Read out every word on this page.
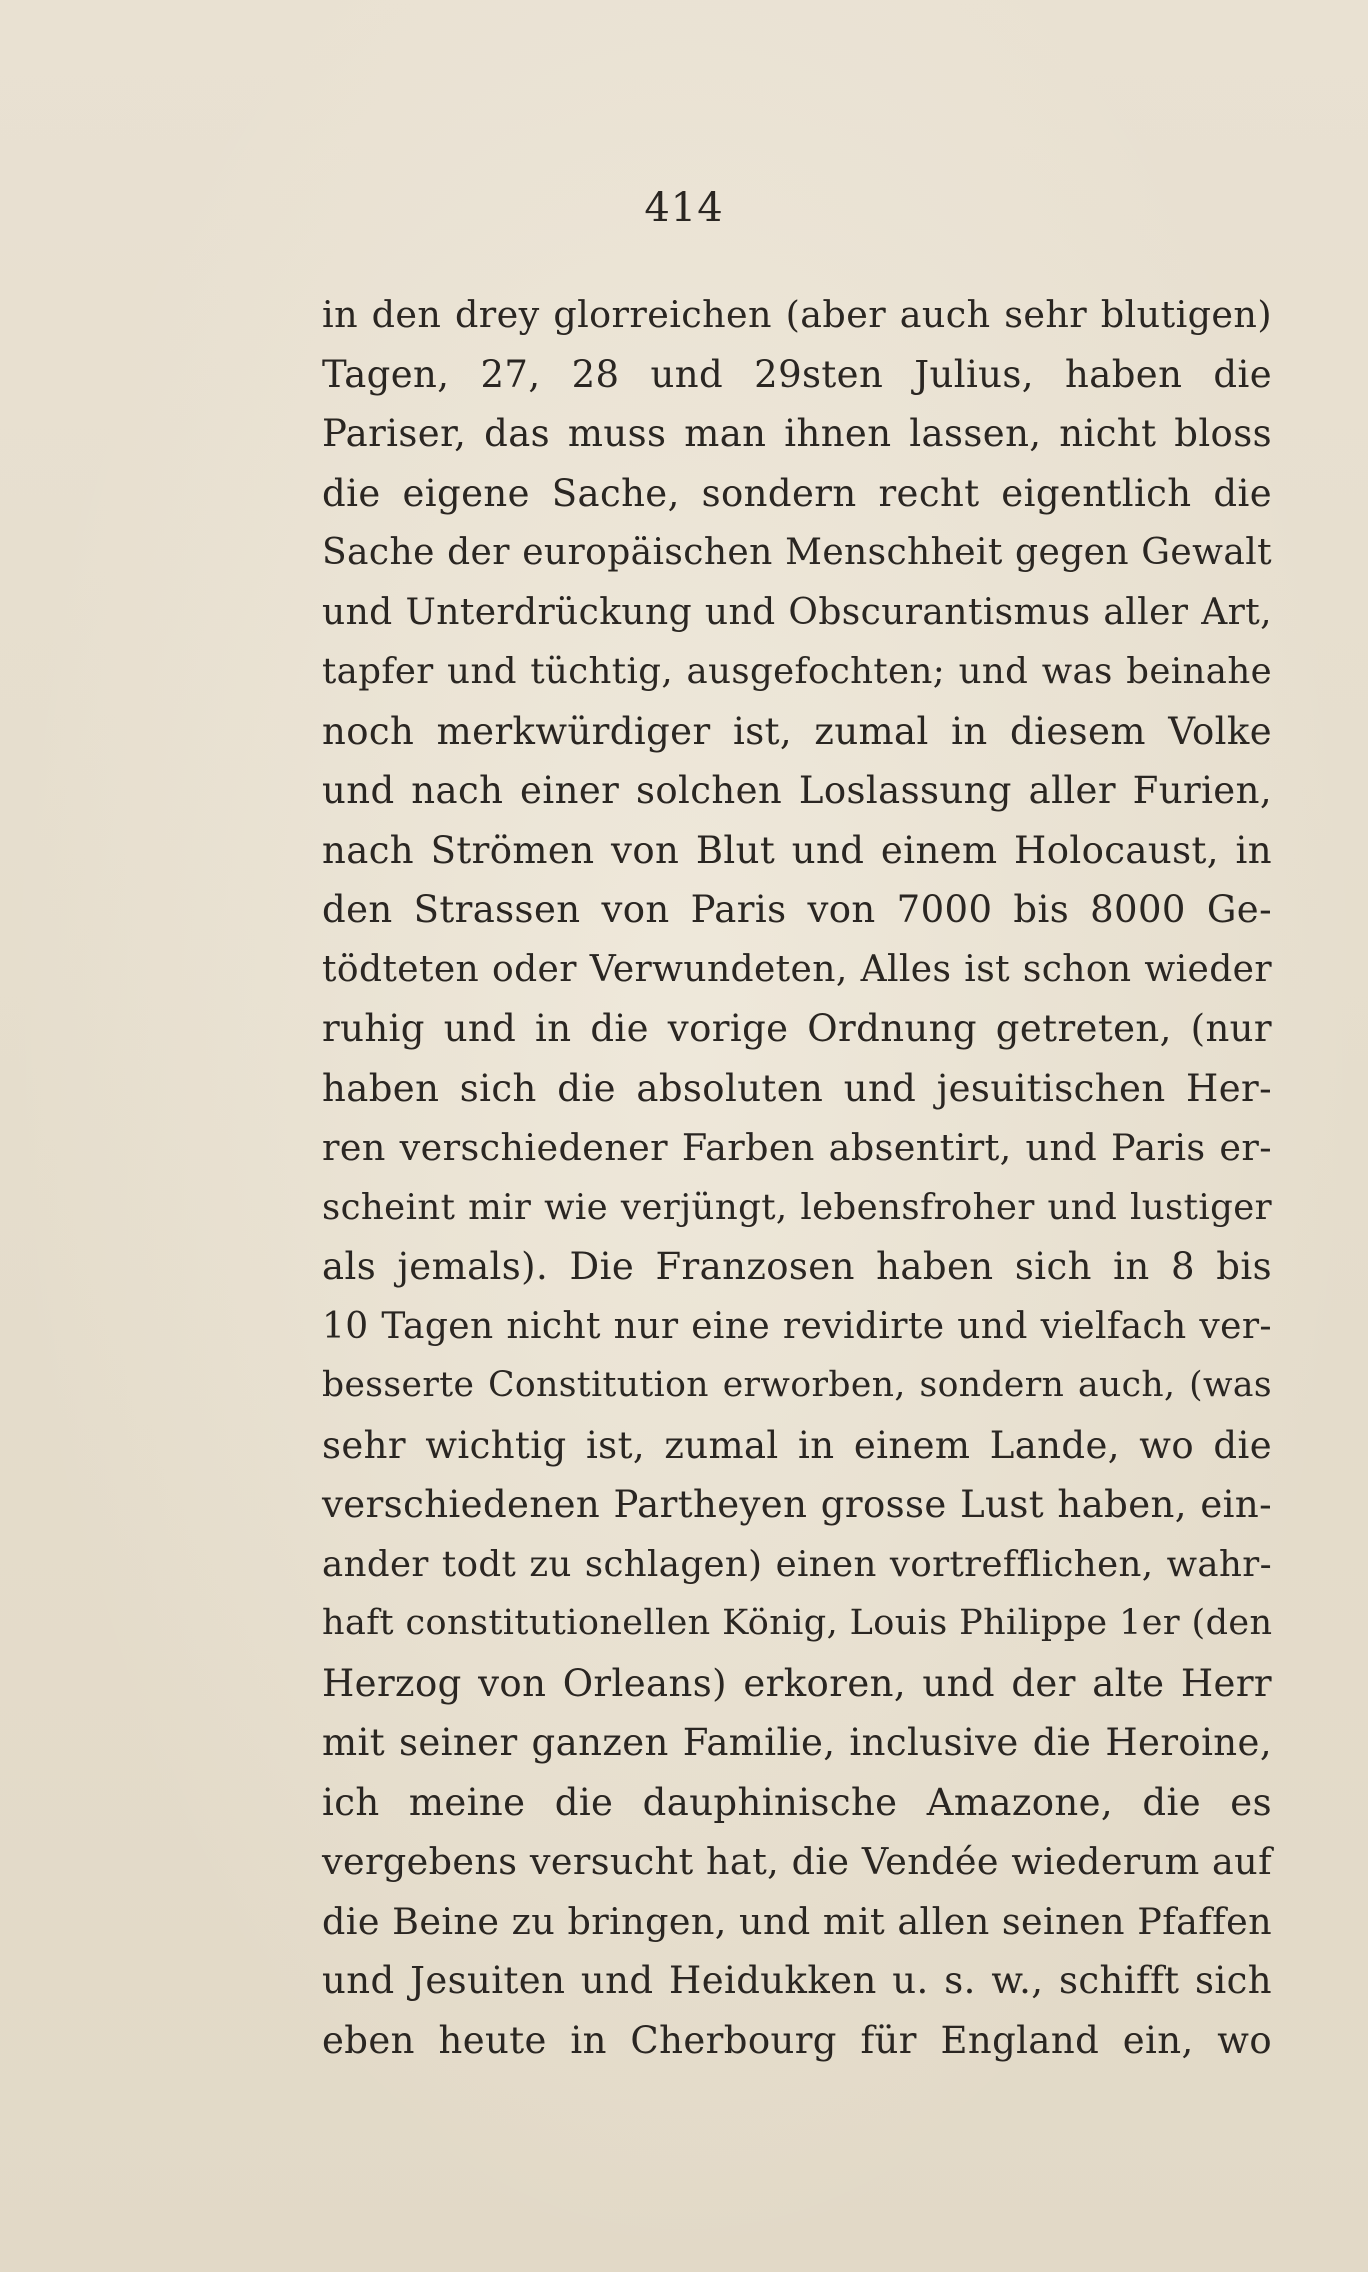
414
in den drey glorreichen (aber auch sehr blutigen)
Tagen, 27, 28 und 29sten Julius, haben die
Pariser, das muss man ihnen lassen, nicht bloss
die eigene Sache, sondern recht eigentlich die
Sache der europäischen Menschheit gegen Gewalt
und Unterdrückung und Obscurantismus aller Art,
tapfer und tüchtig, ausgefochten; und was beinahe
noch merkwürdiger ist, zumal in diesem Volke
und nach einer solchen Loslassung aller Furien,
nach Strömen von Blut und einem Holocaust, in
den Strassen von Paris von 7000 bis 8000 Ge-
tödteten oder Verwundeten, Alles ist schon wieder
ruhig und in die vorige Ordnung getreten, (nur
haben sich die absoluten und jesuitischen Her-
ren verschiedener Farben absentirt, und Paris er-
scheint mir wie verjüngt, lebensfroher und lustiger
als jemals). Die Franzosen haben sich in 8 bis
10 Tagen nicht nur eine revidirte und vielfach ver-
besserte Constitution erworben, sondern auch, (was
sehr wichtig ist, zumal in einem Lande, wo die
verschiedenen Partheyen grosse Lust haben, ein-
ander todt zu schlagen) einen vortrefflichen, wahr-
haft constitutionellen König, Louis Philippe 1er (den
Herzog von Orleans) erkoren, und der alte Herr
mit seiner ganzen Familie, inclusive die Heroine,
ich meine die dauphinische Amazone, die es
vergebens versucht hat, die Vendée wiederum auf
die Beine zu bringen, und mit allen seinen Pfaffen
und Jesuiten und Heidukken u. s. w., schifft sich
eben heute in Cherbourg für England ein, wo
